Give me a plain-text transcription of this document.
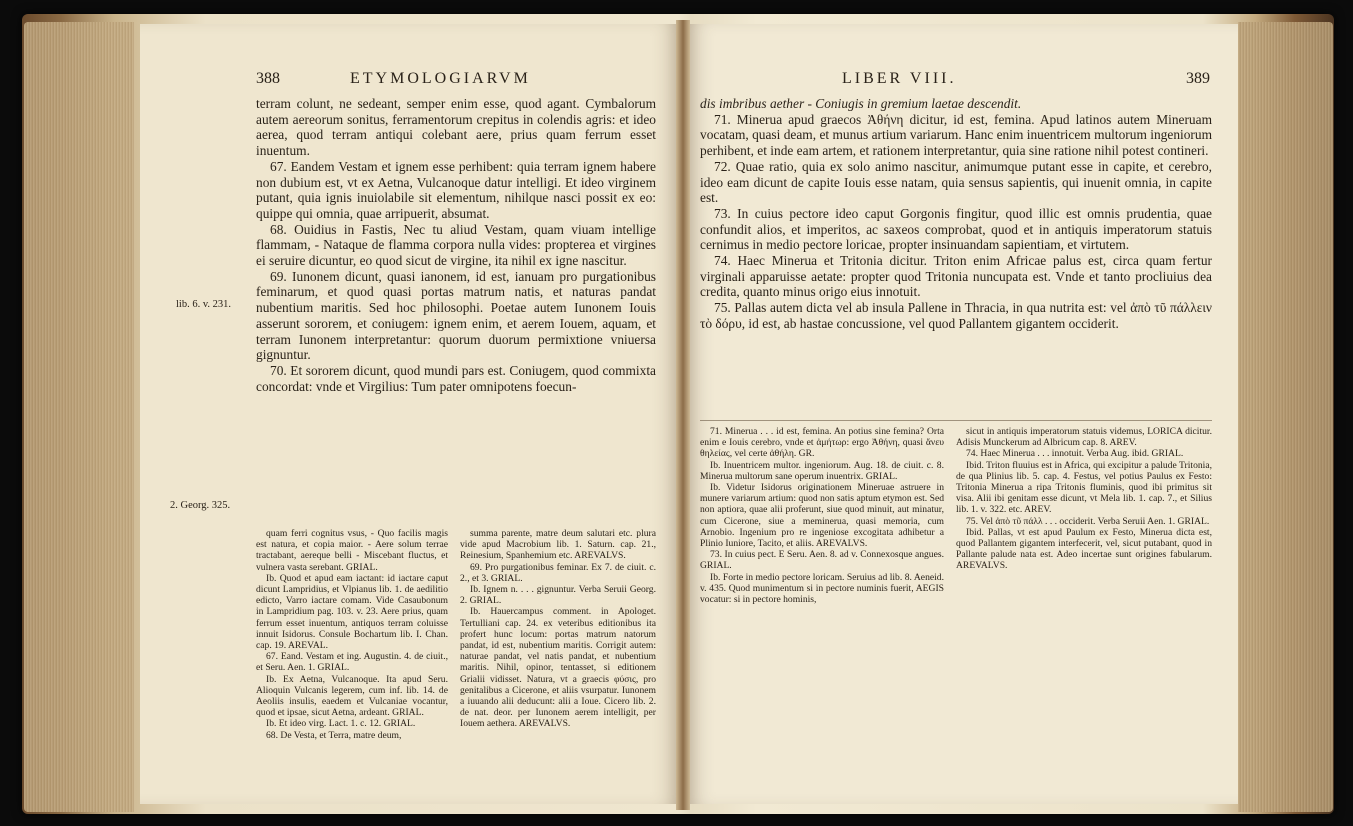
388	ETYMOLOGIARVM

terram colunt, ne sedeant, semper enim esse, quod agant. Cymbalorum autem aereorum sonitus, ferramentorum crepitus in colendis agris: et ideo aerea, quod terram antiqui colebant aere, prius quam ferrum esset inuentum.

67. Eandem Vestam et ignem esse perhibent: quia terram ignem habere non dubium est, vt ex Aetna, Vulcanoque datur intelligi. Et ideo virginem putant, quia ignis inuiolabile sit elementum, nihilque nasci possit ex eo: quippe qui omnia, quae arripuerit, absumat.

68. Ouidius in Fastis, Nec tu aliud Vestam, quam viuam intellige flammam, - Nataque de flamma corpora nulla vides: propterea et virgines ei seruire dicuntur, eo quod sicut de virgine, ita nihil ex igne nascitur.

69. Iunonem dicunt, quasi ianonem, id est, ianuam pro purgationibus feminarum, et quod quasi portas matrum natis, et naturas pandat nubentium maritis. Sed hoc philosophi. Poetae autem Iunonem Iouis asserunt sororem, et coniugem: ignem enim, et aerem Iouem, aquam, et terram Iunonem interpretantur: quorum duorum permixtione vniuersa gignuntur.

70. Et sororem dicunt, quod mundi pars est. Coniugem, quod commixta concordat: vnde et Virgilius: Tum pater omnipotens foecun-

lib. 6. v. 231.
2. Georg. 325.

quam ferri cognitus vsus, - Quo facilis magis est natura, et copia maior. - Aere solum terrae tractabant, aereque belli - Miscebant fluctus, et vulnera vasta serebant. GRIAL.

Ib. Quod et apud eam iactant: id iactare caput dicunt Lampridius, et Vlpianus lib. 1. de aedilitio edicto, Varro iactare comam. Vide Casaubonum in Lampridium pag. 103. v. 23. Aere prius, quam ferrum esset inuentum, antiquos terram coluisse innuit Isidorus. Consule Bochartum lib. I. Chan. cap. 19. AREVAL.

67. Eand. Vestam et ing. Augustin. 4. de ciuit., et Seru. Aen. 1. GRIAL.

Ib. Ex Aetna, Vulcanoque. Ita apud Seru. Alioquin Vulcanis legerem, cum inf. lib. 14. de Aeoliis insulis, eaedem et Vulcaniae vocantur, quod et ipsae, sicut Aetna, ardeant. GRIAL.

Ib. Et ideo virg. Lact. 1. c. 12. GRIAL.

68. De Vesta, et Terra, matre deum,

summa parente, matre deum salutari etc. plura vide apud Macrobium lib. 1. Saturn. cap. 21., Reinesium, Spanhemium etc. AREVALVS.

69. Pro purgationibus feminar. Ex 7. de ciuit. c. 2., et 3. GRIAL.

Ib. Ignem n. . . . gignuntur. Verba Seruii Georg. 2. GRIAL.

Ib. Hauercampus comment. in Apologet. Tertulliani cap. 24. ex veteribus editionibus ita profert hunc locum: portas matrum natorum pandat, id est, nubentium maritis. Corrigit autem: naturae pandat, vel natis pandat, et nubentium maritis. Nihil, opinor, tentasset, si editionem Grialii vidisset. Natura, vt a graecis φύσις, pro genitalibus a Cicerone, et aliis vsurpatur. Iunonem a iuuando alii deducunt: alii a Ioue. Cicero lib. 2. de nat. deor. per Iunonem aerem intelligit, per Iouem aethera. AREVALVS.

LIBER VIII.	389

dis imbribus aether - Coniugis in gremium laetae descendit.

71. Minerua apud graecos Ἀθήνη dicitur, id est, femina. Apud latinos autem Mineruam vocatam, quasi deam, et munus artium variarum. Hanc enim inuentricem multorum ingeniorum perhibent, et inde eam artem, et rationem interpretantur, quia sine ratione nihil potest contineri.

72. Quae ratio, quia ex solo animo nascitur, animumque putant esse in capite, et cerebro, ideo eam dicunt de capite Iouis esse natam, quia sensus sapientis, qui inuenit omnia, in capite est.

73. In cuius pectore ideo caput Gorgonis fingitur, quod illic est omnis prudentia, quae confundit alios, et imperitos, ac saxeos comprobat, quod et in antiquis imperatorum statuis cernimus in medio pectore loricae, propter insinuandam sapientiam, et virtutem.

74. Haec Minerua et Tritonia dicitur. Triton enim Africae palus est, circa quam fertur virginali apparuisse aetate: propter quod Tritonia nuncupata est. Vnde et tanto procliuius dea credita, quanto minus origo eius innotuit.

75. Pallas autem dicta vel ab insula Pallene in Thracia, in qua nutrita est: vel ἀπὸ τῦ πάλλειν τὸ δόρυ, id est, ab hastae concussione, vel quod Pallantem gigantem occiderit.

71. Minerua . . . id est, femina. An potius sine femina? Orta enim e Iouis cerebro, vnde et ἀμήτωρ: ergo Ἀθήνη, quasi ἄνευ θηλείας, vel certe ἀθήλη. GR.

Ib. Inuentricem multor. ingeniorum. Aug. 18. de ciuit. c. 8. Minerua multorum sane operum inuentrix. GRIAL.

Ib. Videtur Isidorus originationem Mineruae astruere in munere variarum artium: quod non satis aptum etymon est. Sed non aptiora, quae alii proferunt, siue quod minuit, aut minatur, cum Cicerone, siue a meminerua, quasi memoria, cum Arnobio. Ingenium pro re ingeniose excogitata adhibetur a Plinio Iuniore, Tacito, et aliis. AREVALVS.

73. In cuius pect. E Seru. Aen. 8. ad v. Connexosque angues. GRIAL.

Ib. Forte in medio pectore loricam. Seruius ad lib. 8. Aeneid. v. 435. Quod munimentum si in pectore numinis fuerit, AEGIS vocatur: si in pectore hominis,

sicut in antiquis imperatorum statuis videmus, LORICA dicitur. Adisis Munckerum ad Albricum cap. 8. AREV.

74. Haec Minerua . . . innotuit. Verba Aug. ibid. GRIAL.

Ibid. Triton fluuius est in Africa, qui excipitur a palude Tritonia, de qua Plinius lib. 5. cap. 4. Festus, vel potius Paulus ex Festo: Tritonia Minerua a ripa Tritonis fluminis, quod ibi primitus sit visa. Alii ibi genitam esse dicunt, vt Mela lib. 1. cap. 7., et Silius lib. 1. v. 322. etc. AREV.

75. Vel ἀπὸ τῦ πάλλ . . . occiderit. Verba Seruii Aen. 1. GRIAL.

Ibid. Pallas, vt est apud Paulum ex Festo, Minerua dicta est, quod Pallantem gigantem interfecerit, vel, sicut putabant, quod in Pallante palude nata est. Adeo incertae sunt origines fabularum. AREVALVS.
